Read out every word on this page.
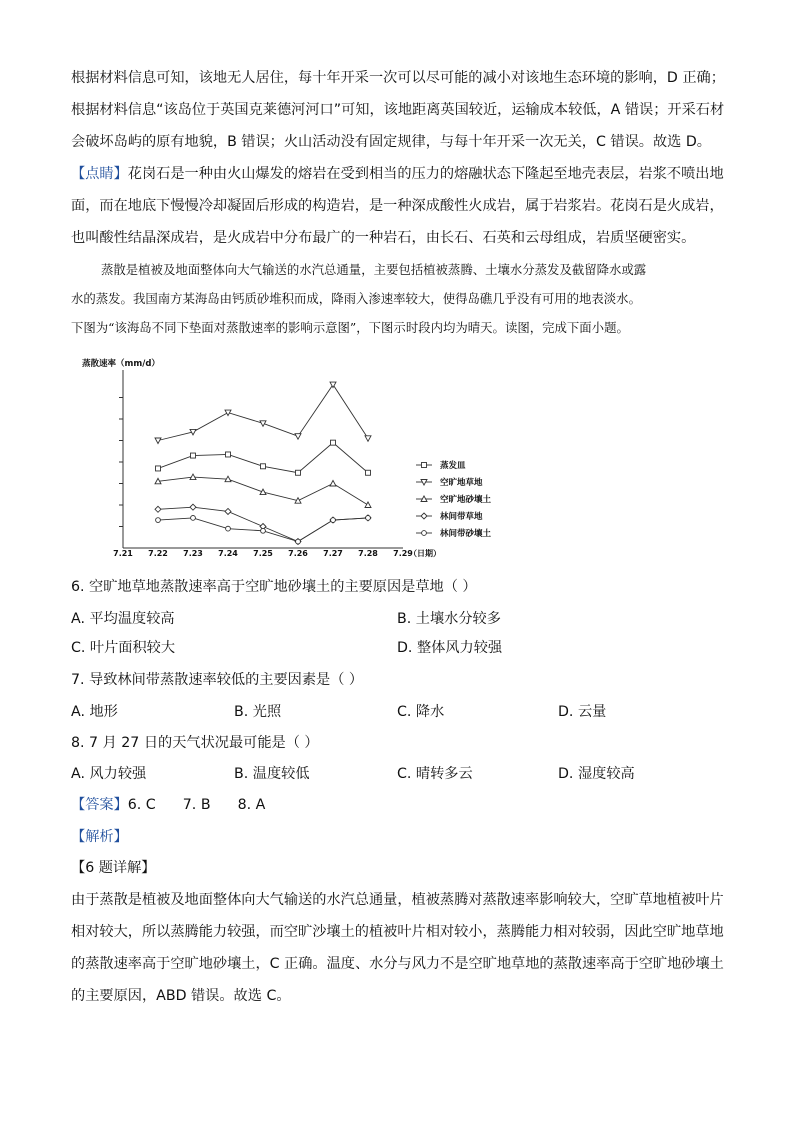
根据材料信息可知，该地无人居住，每十年开采一次可以尽可能的减小对该地生态环境的影响，D 正确；
根据材料信息“该岛位于英国克莱德河河口”可知，该地距离英国较近，运输成本较低，A 错误；开采石材
会破坏岛屿的原有地貌，B 错误；火山活动没有固定规律，与每十年开采一次无关，C 错误。故选 D。
【点睛】花岗石是一种由火山爆发的熔岩在受到相当的压力的熔融状态下隆起至地壳表层，岩浆不喷出地
面，而在地底下慢慢冷却凝固后形成的构造岩，是一种深成酸性火成岩，属于岩浆岩。花岗石是火成岩，
也叫酸性结晶深成岩，是火成岩中分布最广的一种岩石，由长石、石英和云母组成，岩质坚硬密实。
蒸散是植被及地面整体向大气输送的水汽总通量，主要包括植被蒸腾、土壤水分蒸发及截留降水或露
水的蒸发。我国南方某海岛由钙质砂堆积而成，降雨入渗速率较大，使得岛礁几乎没有可用的地表淡水。
下图为“该海岛不同下垫面对蒸散速率的影响示意图”，下图示时段内均为晴天。读图，完成下面小题。
蒸散速率（mm/d）
7.21 7.22 7.23 7.24 7.25 7.26 7.27 7.28 7.29
（日期）
蒸发皿
空旷地草地
空旷地砂壤土
林间带草地
林间带砂壤土
6. 空旷地草地蒸散速率高于空旷地砂壤土的主要原因是草地（ ）
A. 平均温度较高	B. 土壤水分较多
C. 叶片面积较大	D. 整体风力较强
7. 导致林间带蒸散速率较低的主要因素是（ ）
A. 地形	B. 光照	C. 降水	D. 云量
8. 7 月 27 日的天气状况最可能是（ ）
A. 风力较强	B. 温度较低	C. 晴转多云	D. 湿度较高
【答案】6. C      7. B      8. A
【解析】
【6 题详解】
由于蒸散是植被及地面整体向大气输送的水汽总通量，植被蒸腾对蒸散速率影响较大，空旷草地植被叶片
相对较大，所以蒸腾能力较强，而空旷沙壤土的植被叶片相对较小，蒸腾能力相对较弱，因此空旷地草地
的蒸散速率高于空旷地砂壤土，C 正确。温度、水分与风力不是空旷地草地的蒸散速率高于空旷地砂壤土
的主要原因，ABD 错误。故选 C。
